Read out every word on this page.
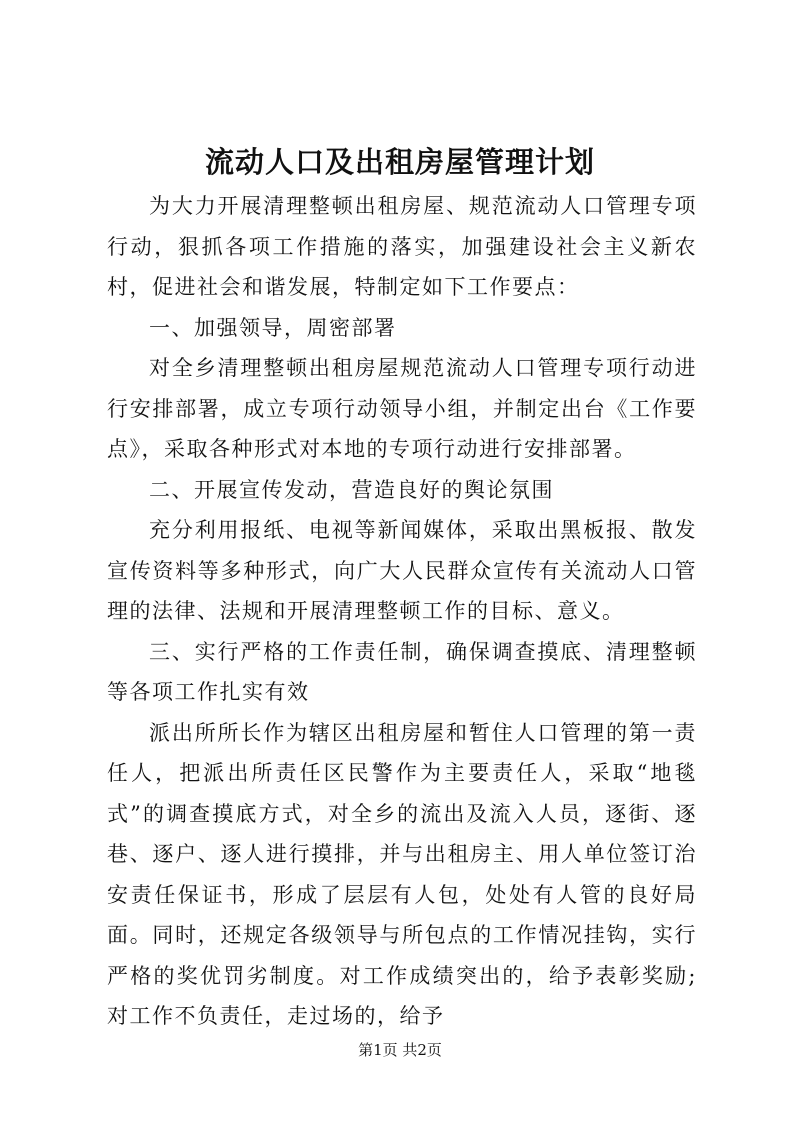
流动人口及出租房屋管理计划

为大力开展清理整顿出租房屋、规范流动人口管理专项行动，狠抓各项工作措施的落实，加强建设社会主义新农村，促进社会和谐发展，特制定如下工作要点：

一、加强领导，周密部署

对全乡清理整顿出租房屋规范流动人口管理专项行动进行安排部署，成立专项行动领导小组，并制定出台《工作要点》，采取各种形式对本地的专项行动进行安排部署。

二、开展宣传发动，营造良好的舆论氛围

充分利用报纸、电视等新闻媒体，采取出黑板报、散发宣传资料等多种形式，向广大人民群众宣传有关流动人口管理的法律、法规和开展清理整顿工作的目标、意义。

三、实行严格的工作责任制，确保调查摸底、清理整顿等各项工作扎实有效

派出所所长作为辖区出租房屋和暂住人口管理的第一责任人，把派出所责任区民警作为主要责任人，采取“地毯式”的调查摸底方式，对全乡的流出及流入人员，逐街、逐巷、逐户、逐人进行摸排，并与出租房主、用人单位签订治安责任保证书，形成了层层有人包，处处有人管的良好局面。同时，还规定各级领导与所包点的工作情况挂钩，实行严格的奖优罚劣制度。对工作成绩突出的，给予表彰奖励; 对工作不负责任，走过场的，给予

第1页 共2页
